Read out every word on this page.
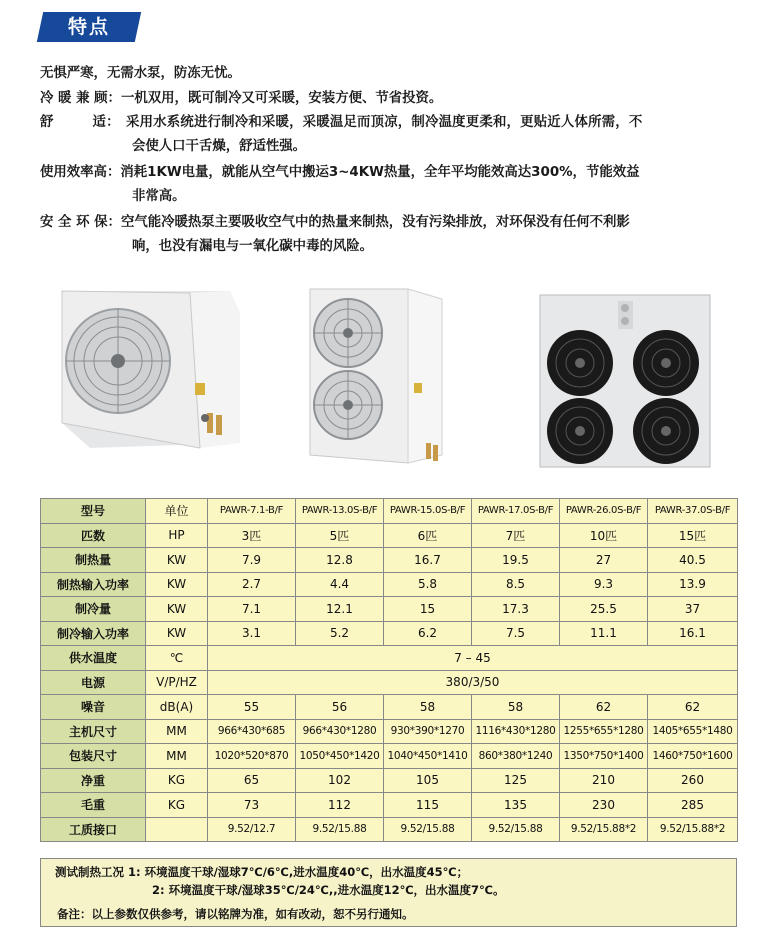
特点
无惧严寒，无需水泵，防冻无忧。
冷 暖 兼 顾：一机双用，既可制冷又可采暖，安装方便、节省投资。
舒        适： 采用水系统进行制冷和采暖，采暖温足而顶凉，制冷温度更柔和，更贴近人体所需，不
会使人口干舌燥，舒适性强。
使用效率高：消耗1KW电量，就能从空气中搬运3~4KW热量，全年平均能效高达300%，节能效益
非常高。
安 全 环 保：空气能冷暖热泵主要吸收空气中的热量来制热，没有污染排放，对环保没有任何不利影
响，也没有漏电与一氧化碳中毒的风险。
型号	单位	PAWR-7.1-B/F	PAWR-13.0S-B/F	PAWR-15.0S-B/F	PAWR-17.0S-B/F	PAWR-26.0S-B/F	PAWR-37.0S-B/F
匹数	HP	3匹	5匹	6匹	7匹	10匹	15匹
制热量	KW	7.9	12.8	16.7	19.5	27	40.5
制热输入功率	KW	2.7	4.4	5.8	8.5	9.3	13.9
制冷量	KW	7.1	12.1	15	17.3	25.5	37
制冷输入功率	KW	3.1	5.2	6.2	7.5	11.1	16.1
供水温度	℃	7 – 45					
电源	V/P/HZ	380/3/50					
噪音	dB(A)	55	56	58	58	62	62
主机尺寸	MM	966*430*685	966*430*1280	930*390*1270	1116*430*1280	1255*655*1280	1405*655*1480
包装尺寸	MM	1020*520*870	1050*450*1420	1040*450*1410	860*380*1240	1350*750*1400	1460*750*1600
净重	KG	65	102	105	125	210	260
毛重	KG	73	112	115	135	230	285
工质接口		9.52/12.7	9.52/15.88	9.52/15.88	9.52/15.88	9.52/15.88*2	9.52/15.88*2
测试制热工况 1: 环境温度干球/湿球7℃/6℃,进水温度40℃，出水温度45℃；
2: 环境温度干球/湿球35℃/24℃,,进水温度12℃，出水温度7℃。
备注：以上参数仅供参考，请以铭牌为准，如有改动，恕不另行通知。
